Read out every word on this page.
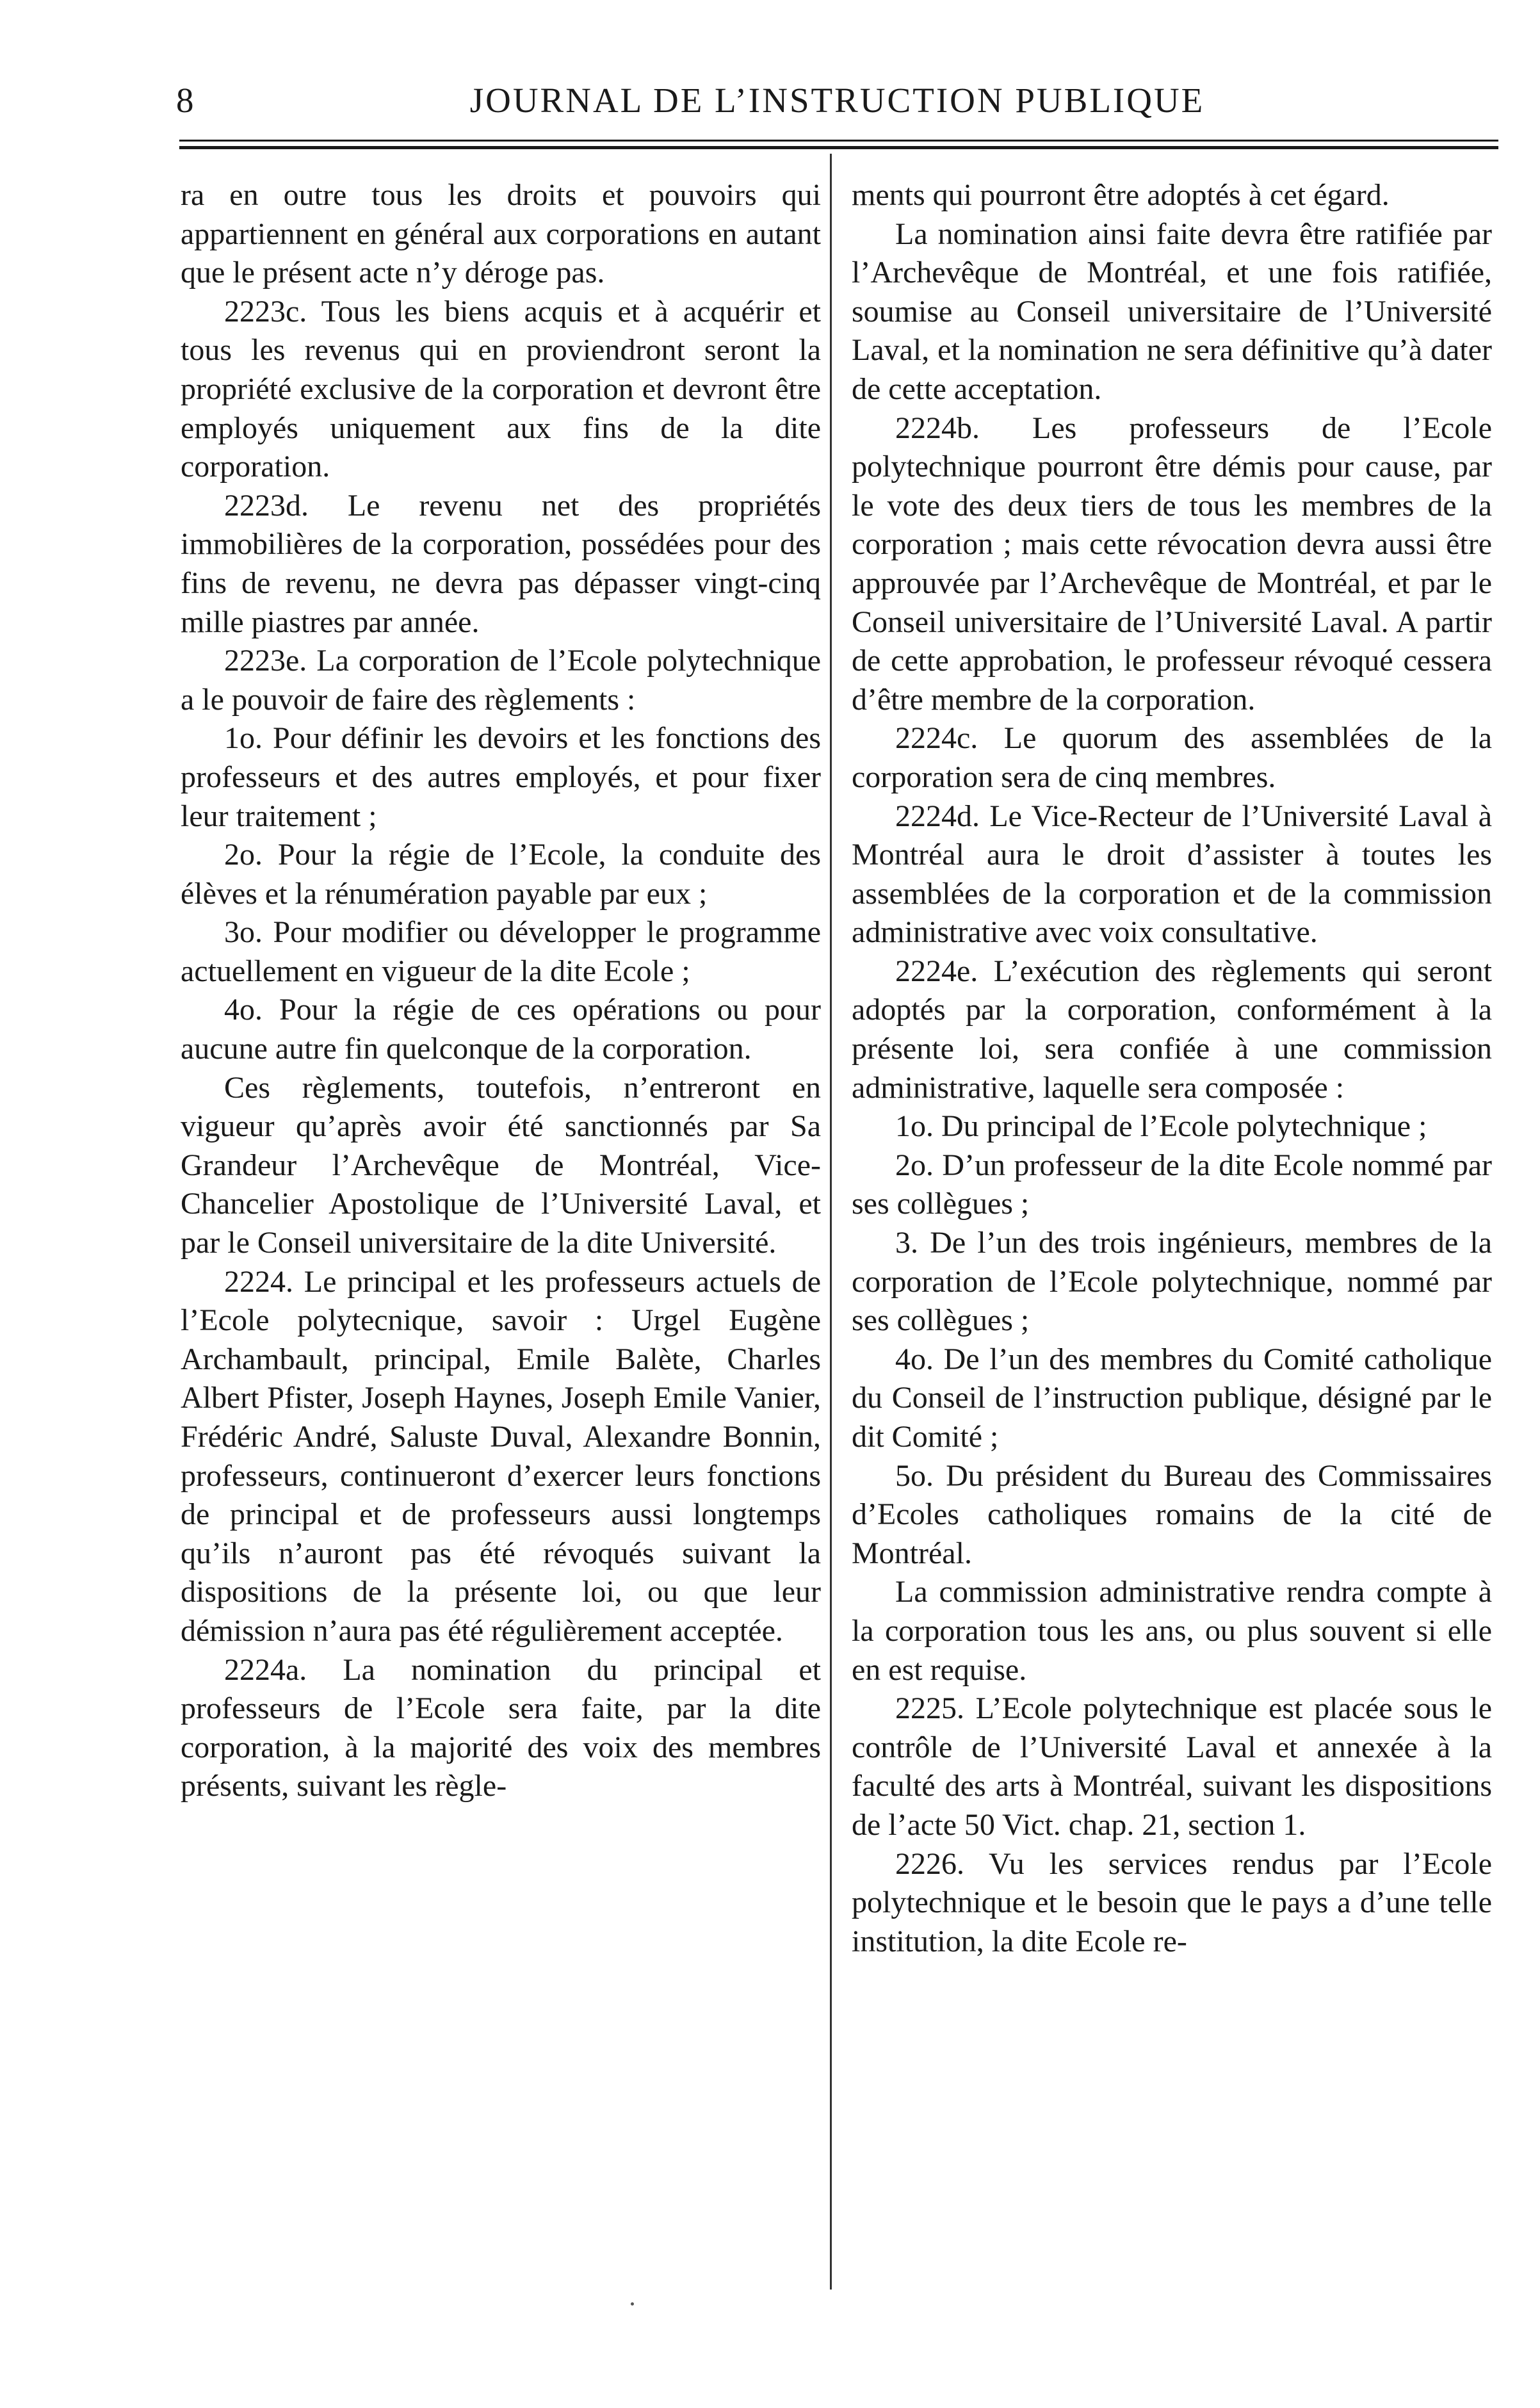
8	JOURNAL DE L’INSTRUCTION PUBLIQUE

ra en outre tous les droits et pouvoirs qui appartiennent en général aux corporations en autant que le présent acte n’y déroge pas.

2223c. Tous les biens acquis et à acquérir et tous les revenus qui en proviendront seront la propriété exclusive de la corporation et devront être employés uniquement aux fins de la dite corporation.

2223d. Le revenu net des propriétés immobilières de la corporation, possédées pour des fins de revenu, ne devra pas dépasser vingt-cinq mille piastres par année.

2223e. La corporation de l’Ecole polytechnique a le pouvoir de faire des règlements :

1o. Pour définir les devoirs et les fonctions des professeurs et des autres employés, et pour fixer leur traitement ;

2o. Pour la régie de l’Ecole, la conduite des élèves et la rénumération payable par eux ;

3o. Pour modifier ou développer le programme actuellement en vigueur de la dite Ecole ;

4o. Pour la régie de ces opérations ou pour aucune autre fin quelconque de la corporation.

Ces règlements, toutefois, n’entreront en vigueur qu’après avoir été sanctionnés par Sa Grandeur l’Archevêque de Montréal, Vice-Chancelier Apostolique de l’Université Laval, et par le Conseil universitaire de la dite Université.

2224. Le principal et les professeurs actuels de l’Ecole polytecnique, savoir : Urgel Eugène Archambault, principal, Emile Balète, Charles Albert Pfister, Joseph Haynes, Joseph Emile Vanier, Frédéric André, Saluste Duval, Alexandre Bonnin, professeurs, continueront d’exercer leurs fonctions de principal et de professeurs aussi longtemps qu’ils n’auront pas été révoqués suivant la dispositions de la présente loi, ou que leur démission n’aura pas été régulièrement acceptée.

2224a. La nomination du principal et professeurs de l’Ecole sera faite, par la dite corporation, à la majorité des voix des membres présents, suivant les règle-

ments qui pourront être adoptés à cet égard.

La nomination ainsi faite devra être ratifiée par l’Archevêque de Montréal, et une fois ratifiée, soumise au Conseil universitaire de l’Université Laval, et la nomination ne sera définitive qu’à dater de cette acceptation.

2224b. Les professeurs de l’Ecole polytechnique pourront être démis pour cause, par le vote des deux tiers de tous les membres de la corporation ; mais cette révocation devra aussi être approuvée par l’Archevêque de Montréal, et par le Conseil universitaire de l’Université Laval. A partir de cette approbation, le professeur révoqué cessera d’être membre de la corporation.

2224c. Le quorum des assemblées de la corporation sera de cinq membres.

2224d. Le Vice-Recteur de l’Université Laval à Montréal aura le droit d’assister à toutes les assemblées de la corporation et de la commission administrative avec voix consultative.

2224e. L’exécution des règlements qui seront adoptés par la corporation, conformément à la présente loi, sera confiée à une commission administrative, laquelle sera composée :

1o. Du principal de l’Ecole polytechnique ;

2o. D’un professeur de la dite Ecole nommé par ses collègues ;

3. De l’un des trois ingénieurs, membres de la corporation de l’Ecole polytechnique, nommé par ses collègues ;

4o. De l’un des membres du Comité catholique du Conseil de l’instruction publique, désigné par le dit Comité ;

5o. Du président du Bureau des Commissaires d’Ecoles catholiques romains de la cité de Montréal.

La commission administrative rendra compte à la corporation tous les ans, ou plus souvent si elle en est requise.

2225. L’Ecole polytechnique est placée sous le contrôle de l’Université Laval et annexée à la faculté des arts à Montréal, suivant les dispositions de l’acte 50 Vict. chap. 21, section 1.

2226. Vu les services rendus par l’Ecole polytechnique et le besoin que le pays a d’une telle institution, la dite Ecole re-
